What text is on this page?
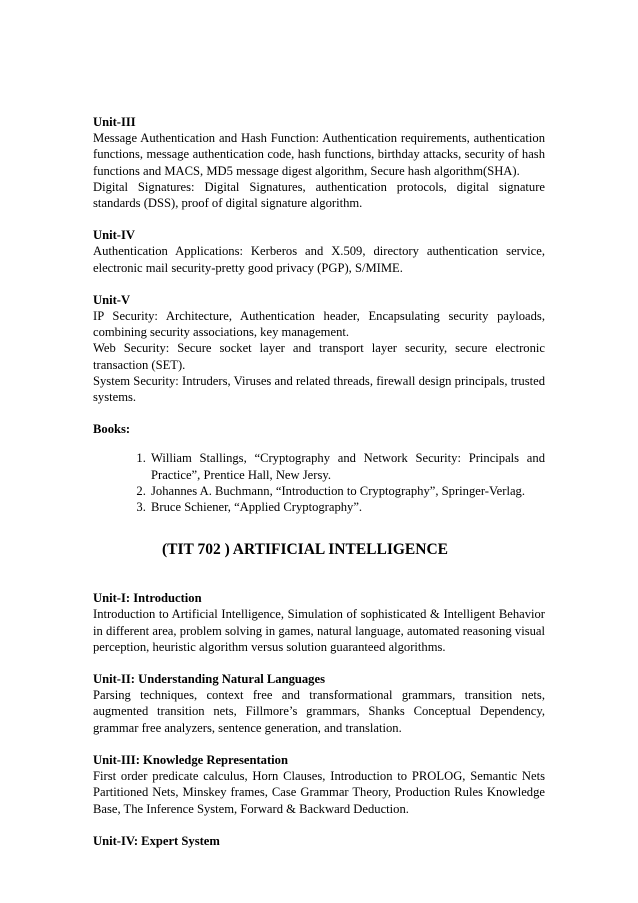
Unit-III
Message Authentication and Hash Function: Authentication requirements, authentication functions, message authentication code, hash functions, birthday attacks, security of hash functions and MACS, MD5 message digest algorithm, Secure hash algorithm(SHA).
Digital Signatures: Digital Signatures, authentication protocols, digital signature standards (DSS), proof of digital signature algorithm.
Unit-IV
Authentication Applications: Kerberos and X.509, directory authentication service, electronic mail security-pretty good privacy (PGP), S/MIME.
Unit-V
IP Security: Architecture, Authentication header, Encapsulating security payloads, combining security associations, key management.
Web Security: Secure socket layer and transport layer security, secure electronic transaction (SET).
System Security: Intruders, Viruses and related threads, firewall design principals, trusted systems.
Books:
1. William Stallings, “Cryptography and Network Security: Principals and Practice”, Prentice Hall, New Jersy.
2. Johannes A. Buchmann, “Introduction to Cryptography”, Springer-Verlag.
3. Bruce Schiener, “Applied Cryptography”.
(TIT 702 ) ARTIFICIAL INTELLIGENCE
Unit-I: Introduction
Introduction to Artificial Intelligence, Simulation of sophisticated & Intelligent Behavior in different area, problem solving in games, natural language, automated reasoning visual perception, heuristic algorithm versus solution guaranteed algorithms.
Unit-II: Understanding Natural Languages
Parsing techniques, context free and transformational grammars, transition nets, augmented transition nets, Fillmore’s grammars, Shanks Conceptual Dependency, grammar free analyzers, sentence generation, and translation.
Unit-III: Knowledge Representation
First order predicate calculus, Horn Clauses, Introduction to PROLOG, Semantic Nets Partitioned Nets, Minskey frames, Case Grammar Theory, Production Rules Knowledge Base, The Inference System, Forward & Backward Deduction.
Unit-IV: Expert System
